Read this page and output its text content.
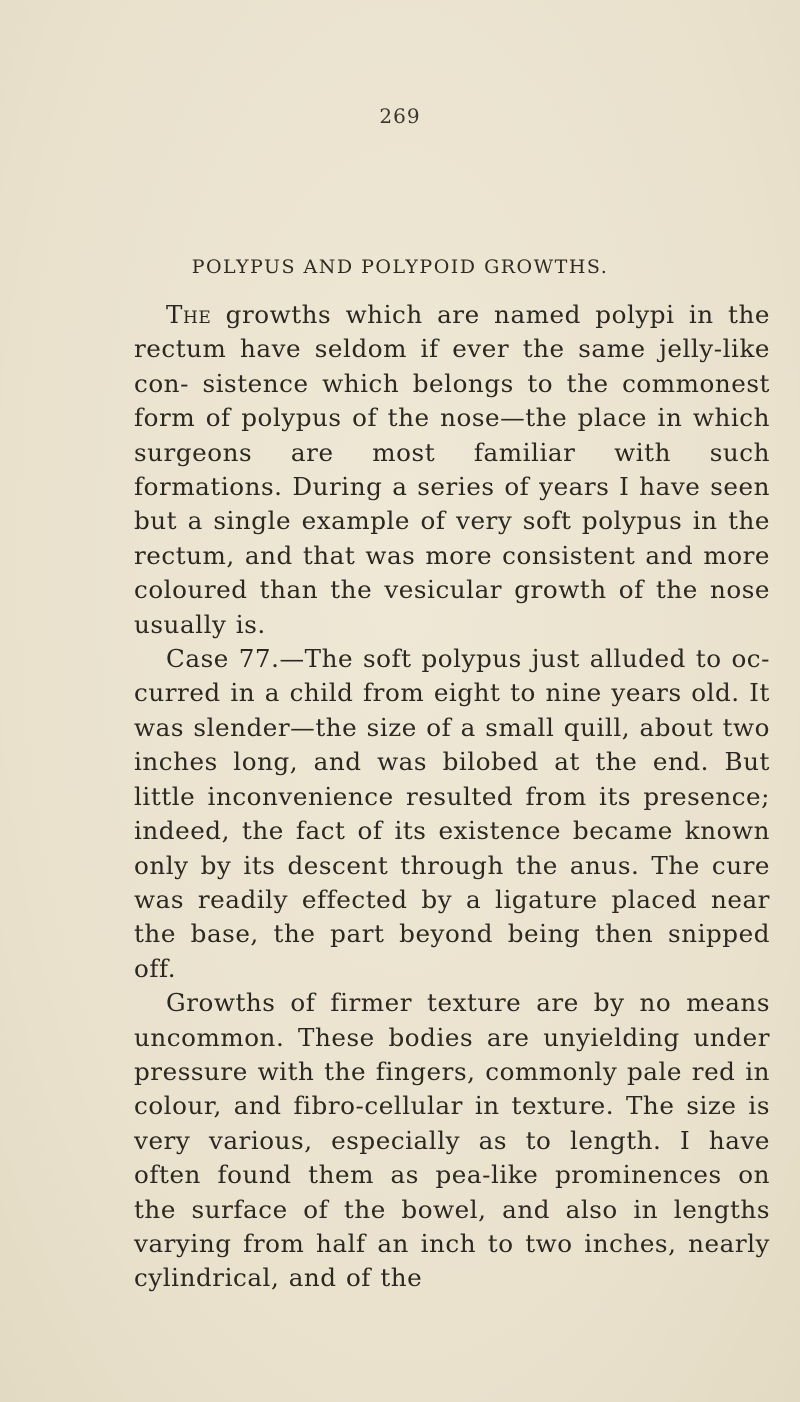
269
POLYPUS AND POLYPOID GROWTHS.

The growths which are named polypi in the rectum have seldom if ever the same jelly-like con- sistence which belongs to the commonest form of polypus of the nose—the place in which surgeons are most familiar with such formations. During a series of years I have seen but a single example of very soft polypus in the rectum, and that was more consistent and more coloured than the vesicular growth of the nose usually is.

Case 77.—The soft polypus just alluded to oc- curred in a child from eight to nine years old. It was slender—the size of a small quill, about two inches long, and was bilobed at the end. But little inconvenience resulted from its presence; indeed, the fact of its existence became known only by its descent through the anus. The cure was readily effected by a ligature placed near the base, the part beyond being then snipped off.

Growths of firmer texture are by no means uncommon. These bodies are unyielding under pressure with the fingers, commonly pale red in colour, and fibro-cellular in texture. The size is very various, especially as to length. I have often found them as pea-like prominences on the surface of the bowel, and also in lengths varying from half an inch to two inches, nearly cylindrical, and of the
